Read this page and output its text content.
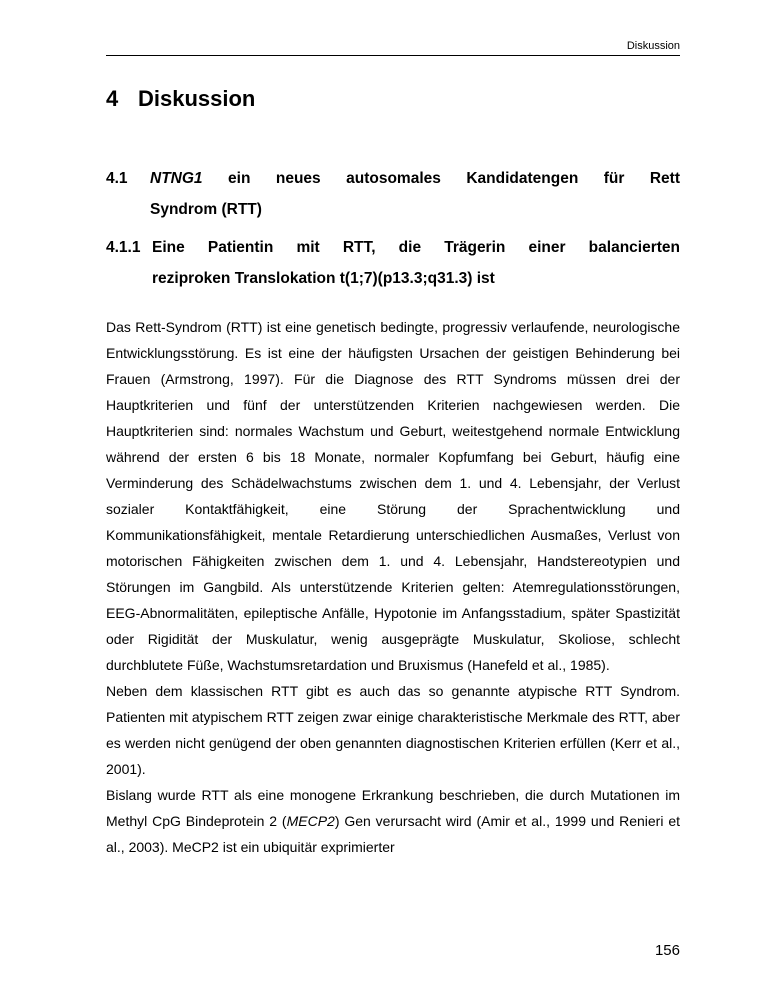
Diskussion
4 Diskussion
4.1 NTNG1 ein neues autosomales Kandidatengen für Rett
Syndrom (RTT)
4.1.1 Eine Patientin mit RTT, die Trägerin einer balancierten
reziproken Translokation t(1;7)(p13.3;q31.3) ist

Das Rett-Syndrom (RTT) ist eine genetisch bedingte, progressiv verlaufende, neurologische Entwicklungsstörung. Es ist eine der häufigsten Ursachen der geistigen Behinderung bei Frauen (Armstrong, 1997). Für die Diagnose des RTT Syndroms müssen drei der Hauptkriterien und fünf der unterstützenden Kriterien nachgewiesen werden. Die Hauptkriterien sind: normales Wachstum und Geburt, weitestgehend normale Entwicklung während der ersten 6 bis 18 Monate, normaler Kopfumfang bei Geburt, häufig eine Verminderung des Schädelwachstums zwischen dem 1. und 4. Lebensjahr, der Verlust sozialer Kontaktfähigkeit, eine Störung der Sprachentwicklung und Kommunikationsfähigkeit, mentale Retardierung unterschiedlichen Ausmaßes, Verlust von motorischen Fähigkeiten zwischen dem 1. und 4. Lebensjahr, Handstereotypien und Störungen im Gangbild. Als unterstützende Kriterien gelten: Atemregulationsstörungen, EEG-Abnormalitäten, epileptische Anfälle, Hypotonie im Anfangsstadium, später Spastizität oder Rigidität der Muskulatur, wenig ausgeprägte Muskulatur, Skoliose, schlecht durchblutete Füße, Wachstumsretardation und Bruxismus (Hanefeld et al., 1985).

Neben dem klassischen RTT gibt es auch das so genannte atypische RTT Syndrom. Patienten mit atypischem RTT zeigen zwar einige charakteristische Merkmale des RTT, aber es werden nicht genügend der oben genannten diagnostischen Kriterien erfüllen (Kerr et al., 2001).

Bislang wurde RTT als eine monogene Erkrankung beschrieben, die durch Mutationen im Methyl CpG Bindeprotein 2 (MECP2) Gen verursacht wird (Amir et al., 1999 und Renieri et al., 2003). MeCP2 ist ein ubiquitär exprimierter

156
